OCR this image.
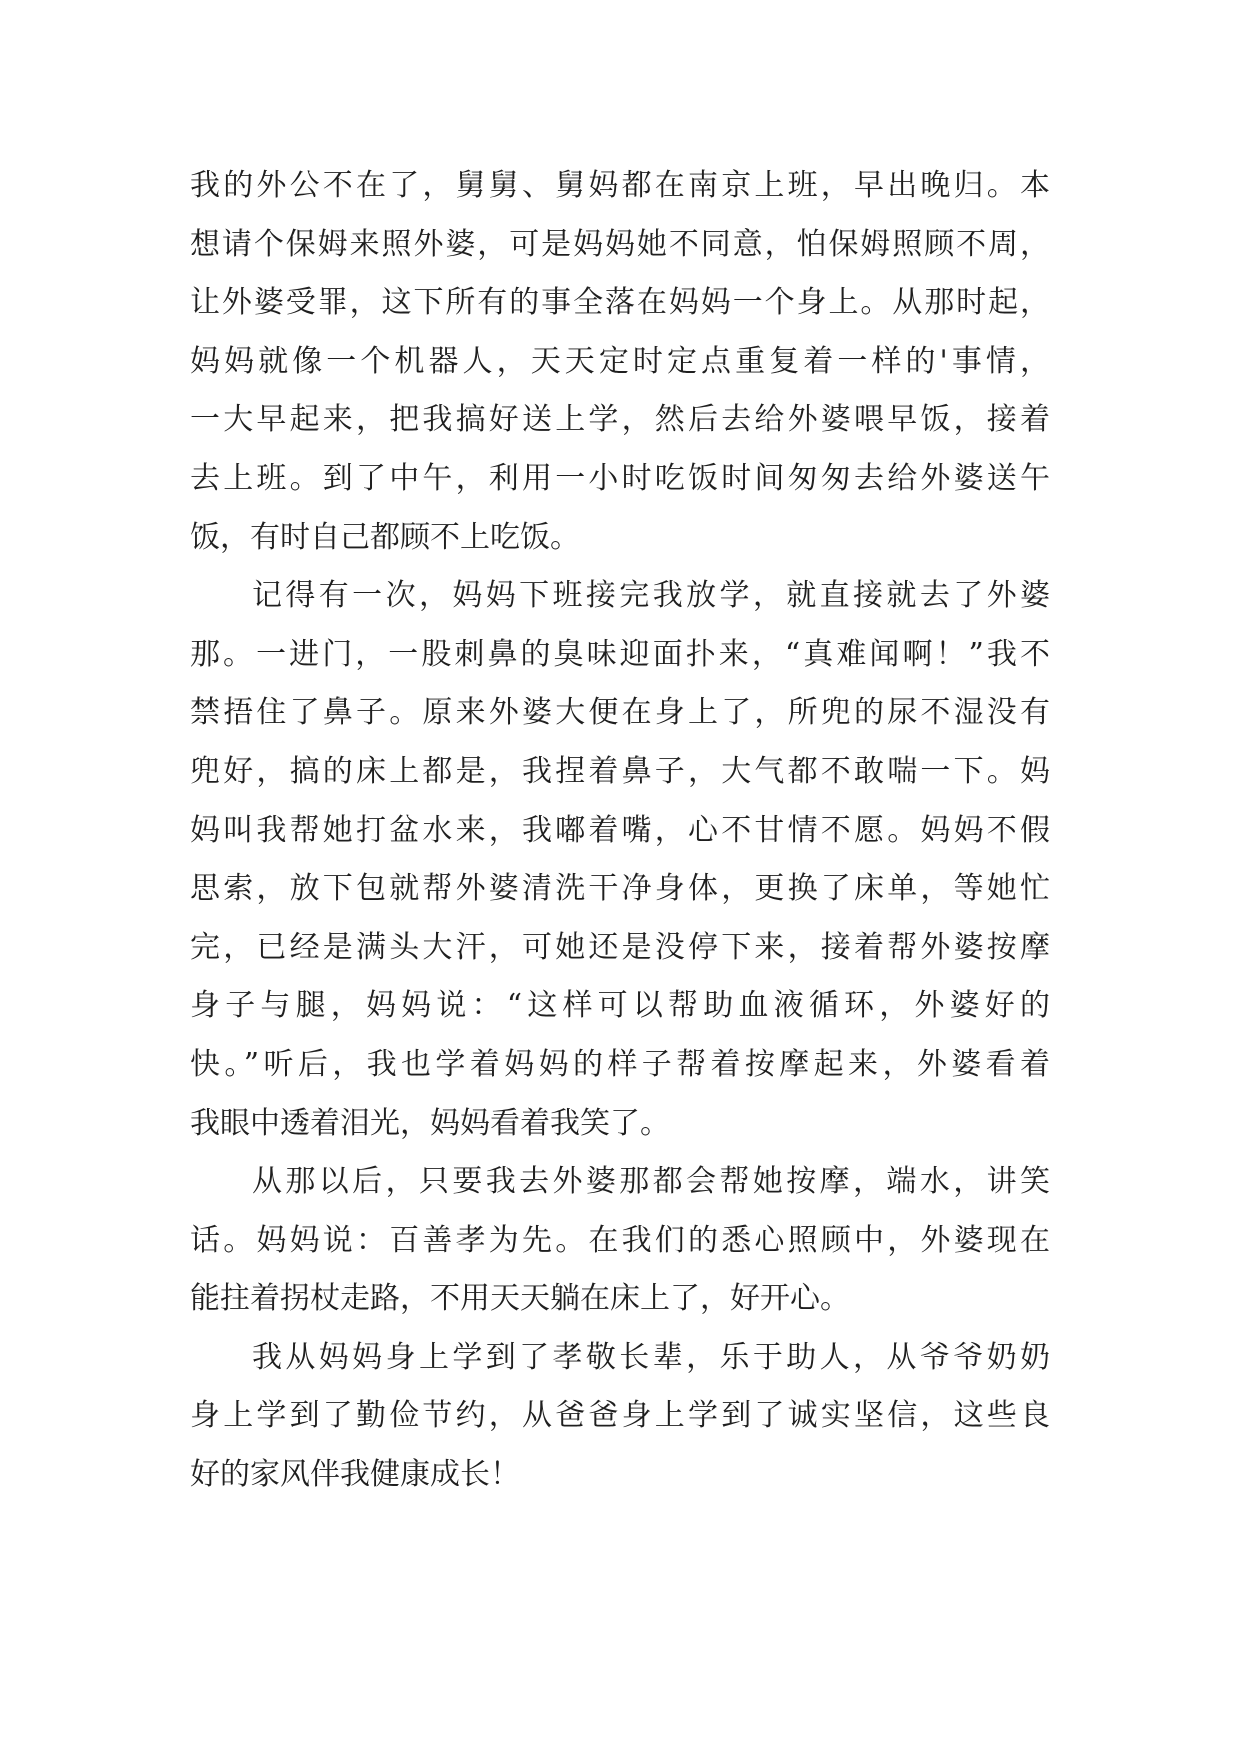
我的外公不在了，舅舅、舅妈都在南京上班，早出晚归。本
想请个保姆来照外婆，可是妈妈她不同意，怕保姆照顾不周，
让外婆受罪，这下所有的事全落在妈妈一个身上。从那时起，
妈妈就像一个机器人，天天定时定点重复着一样的'事情，
一大早起来，把我搞好送上学，然后去给外婆喂早饭，接着
去上班。到了中午，利用一小时吃饭时间匆匆去给外婆送午
饭，有时自己都顾不上吃饭。
记得有一次，妈妈下班接完我放学，就直接就去了外婆
那。一进门，一股刺鼻的臭味迎面扑来，“真难闻啊！”我不
禁捂住了鼻子。原来外婆大便在身上了，所兜的尿不湿没有
兜好，搞的床上都是，我捏着鼻子，大气都不敢喘一下。妈
妈叫我帮她打盆水来，我嘟着嘴，心不甘情不愿。妈妈不假
思索，放下包就帮外婆清洗干净身体，更换了床单，等她忙
完，已经是满头大汗，可她还是没停下来，接着帮外婆按摩
身子与腿，妈妈说：“这样可以帮助血液循环，外婆好的
快。”听后，我也学着妈妈的样子帮着按摩起来，外婆看着
我眼中透着泪光，妈妈看着我笑了。
从那以后，只要我去外婆那都会帮她按摩，端水，讲笑
话。妈妈说：百善孝为先。在我们的悉心照顾中，外婆现在
能拄着拐杖走路，不用天天躺在床上了，好开心。
我从妈妈身上学到了孝敬长辈，乐于助人，从爷爷奶奶
身上学到了勤俭节约，从爸爸身上学到了诚实坚信，这些良
好的家风伴我健康成长！
